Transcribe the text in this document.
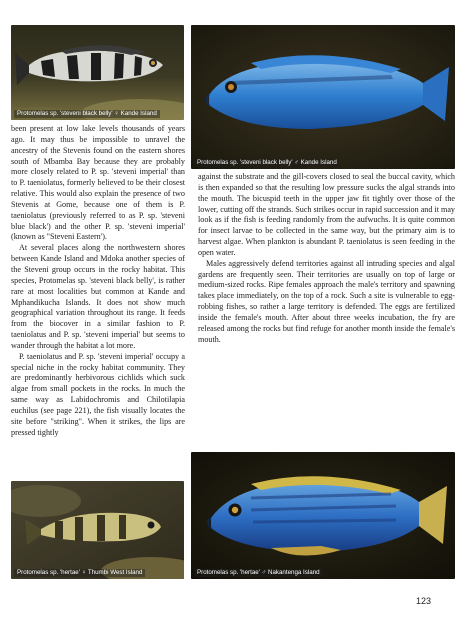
Protomelas sp. 'steveni black belly' ♀ Kande Island
Protomelas sp. 'steveni black belly' ♂ Kande Island

been present at low lake levels thousands of years ago. It may thus be impossible to unravel the ancestry of the Stevenis found on the eastern shores south of Mbamba Bay because they are probably more closely related to P. sp. 'steveni imperial' than to P. taeniolatus, formerly believed to be their closest relative. This would also explain the presence of two Stevenis at Gome, because one of them is P. taeniolatus (previously referred to as P. sp. 'steveni blue black') and the other P. sp. 'steveni imperial' (known as "Steveni Eastern').

At several places along the northwestern shores between Kande Island and Mdoka another species of the Steveni group occurs in the rocky habitat. This species, Protomelas sp. 'steveni black belly', is rather rare at most localities but common at Kande and Mphandikucha Islands. It does not show much geographical variation throughout its range. It feeds from the biocover in a similar fashion to P. taeniolatus and P. sp. 'steveni imperial' but seems to wander through the habitat a lot more.

P. taeniolatus and P. sp. 'steveni imperial' occupy a special niche in the rocky habitat community. They are predominantly herbivorous cichlids which suck algae from small pockets in the rocks. In much the same way as Labidochromis and Chilotilapia euchilus (see page 221), the fish visually locates the site before "striking". When it strikes, the lips are pressed tightly

against the substrate and the gill-covers closed to seal the buccal cavity, which is then expanded so that the resulting low pressure sucks the algal strands into the mouth. The bicuspid teeth in the upper jaw fit tightly over those of the lower, cutting off the strands. Such strikes occur in rapid succession and it may look as if the fish is feeding randomly from the aufwuchs. It is quite common for insect larvae to be collected in the same way, but the primary aim is to harvest algae. When plankton is abundant P. taeniolatus is seen feeding in the open water.

Males aggressively defend territories against all intruding species and algal gardens are frequently seen. Their territories are usually on top of large or medium-sized rocks. Ripe females approach the male's territory and spawning takes place immediately, on the top of a rock. Such a site is vulnerable to egg-robbing fishes, so rather a large territory is defended. The eggs are fertilized inside the female's mouth. After about three weeks incubation, the fry are released among the rocks but find refuge for another month inside the female's mouth.

Protomelas sp. 'hertae' ♀ Thumbi West Island	Protomelas sp. 'hertae' ♂ Nakantenga Island
123
